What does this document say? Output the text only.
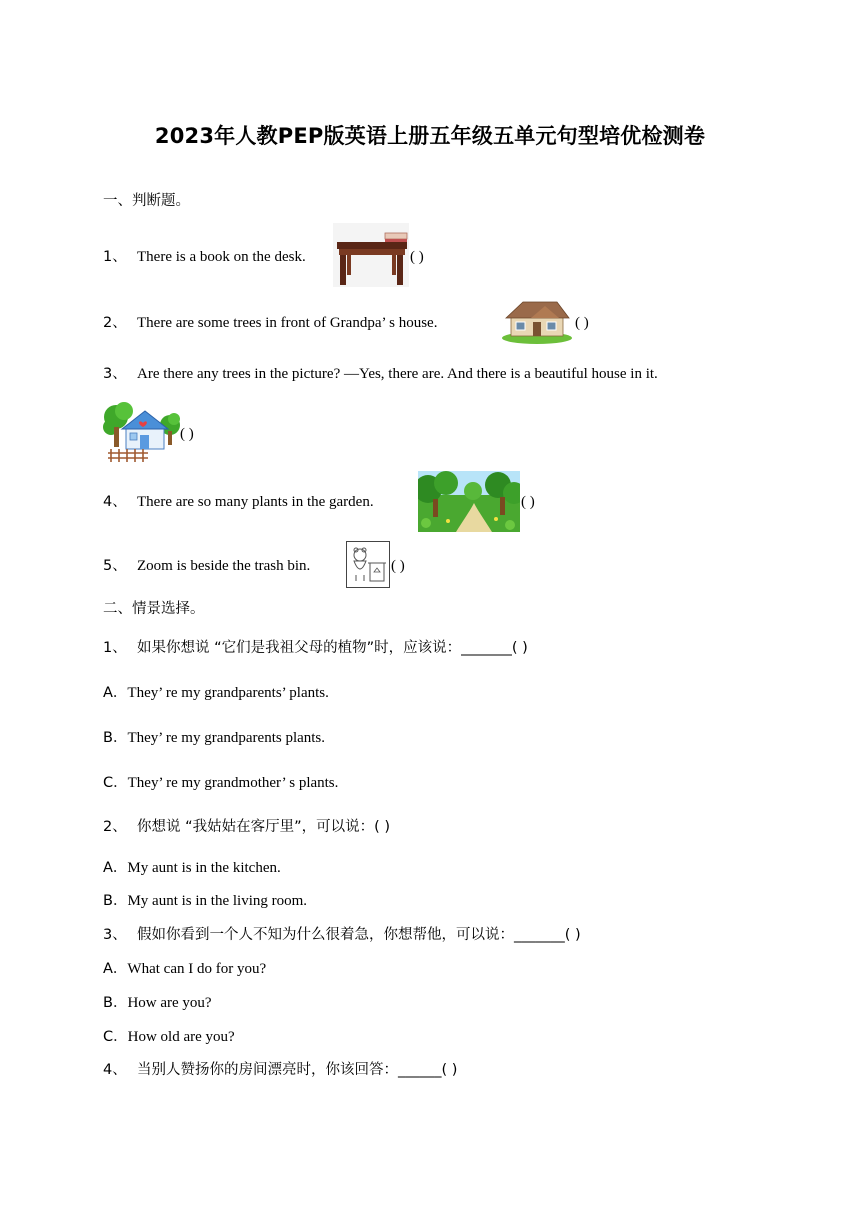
2023年人教PEP版英语上册五年级五单元句型培优检测卷
一、判断题。
1、 There is a book on the desk.	( )
2、 There are some trees in front of Grandpa’ s house.	( )
3、 Are there any trees in the picture? —Yes, there are. And there is a beautiful house in it.
( )
4、 There are so many plants in the garden.	( )
5、 Zoom is beside the trash bin.	( )
二、情景选择。
1、 如果你想说 “它们是我祖父母的植物”时，应该说：_______( )
A．They’ re my grandparents’ plants.
B．They’ re my grandparents plants.
C．They’ re my grandmother’ s plants.
2、 你想说 “我姑姑在客厅里”，可以说：( )
A．My aunt is in the kitchen.
B．My aunt is in the living room.
3、 假如你看到一个人不知为什么很着急，你想帮他，可以说：_______( )
A．What can I do for you?
B．How are you?
C．How old are you?
4、 当别人赞扬你的房间漂亮时，你该回答：______( )
